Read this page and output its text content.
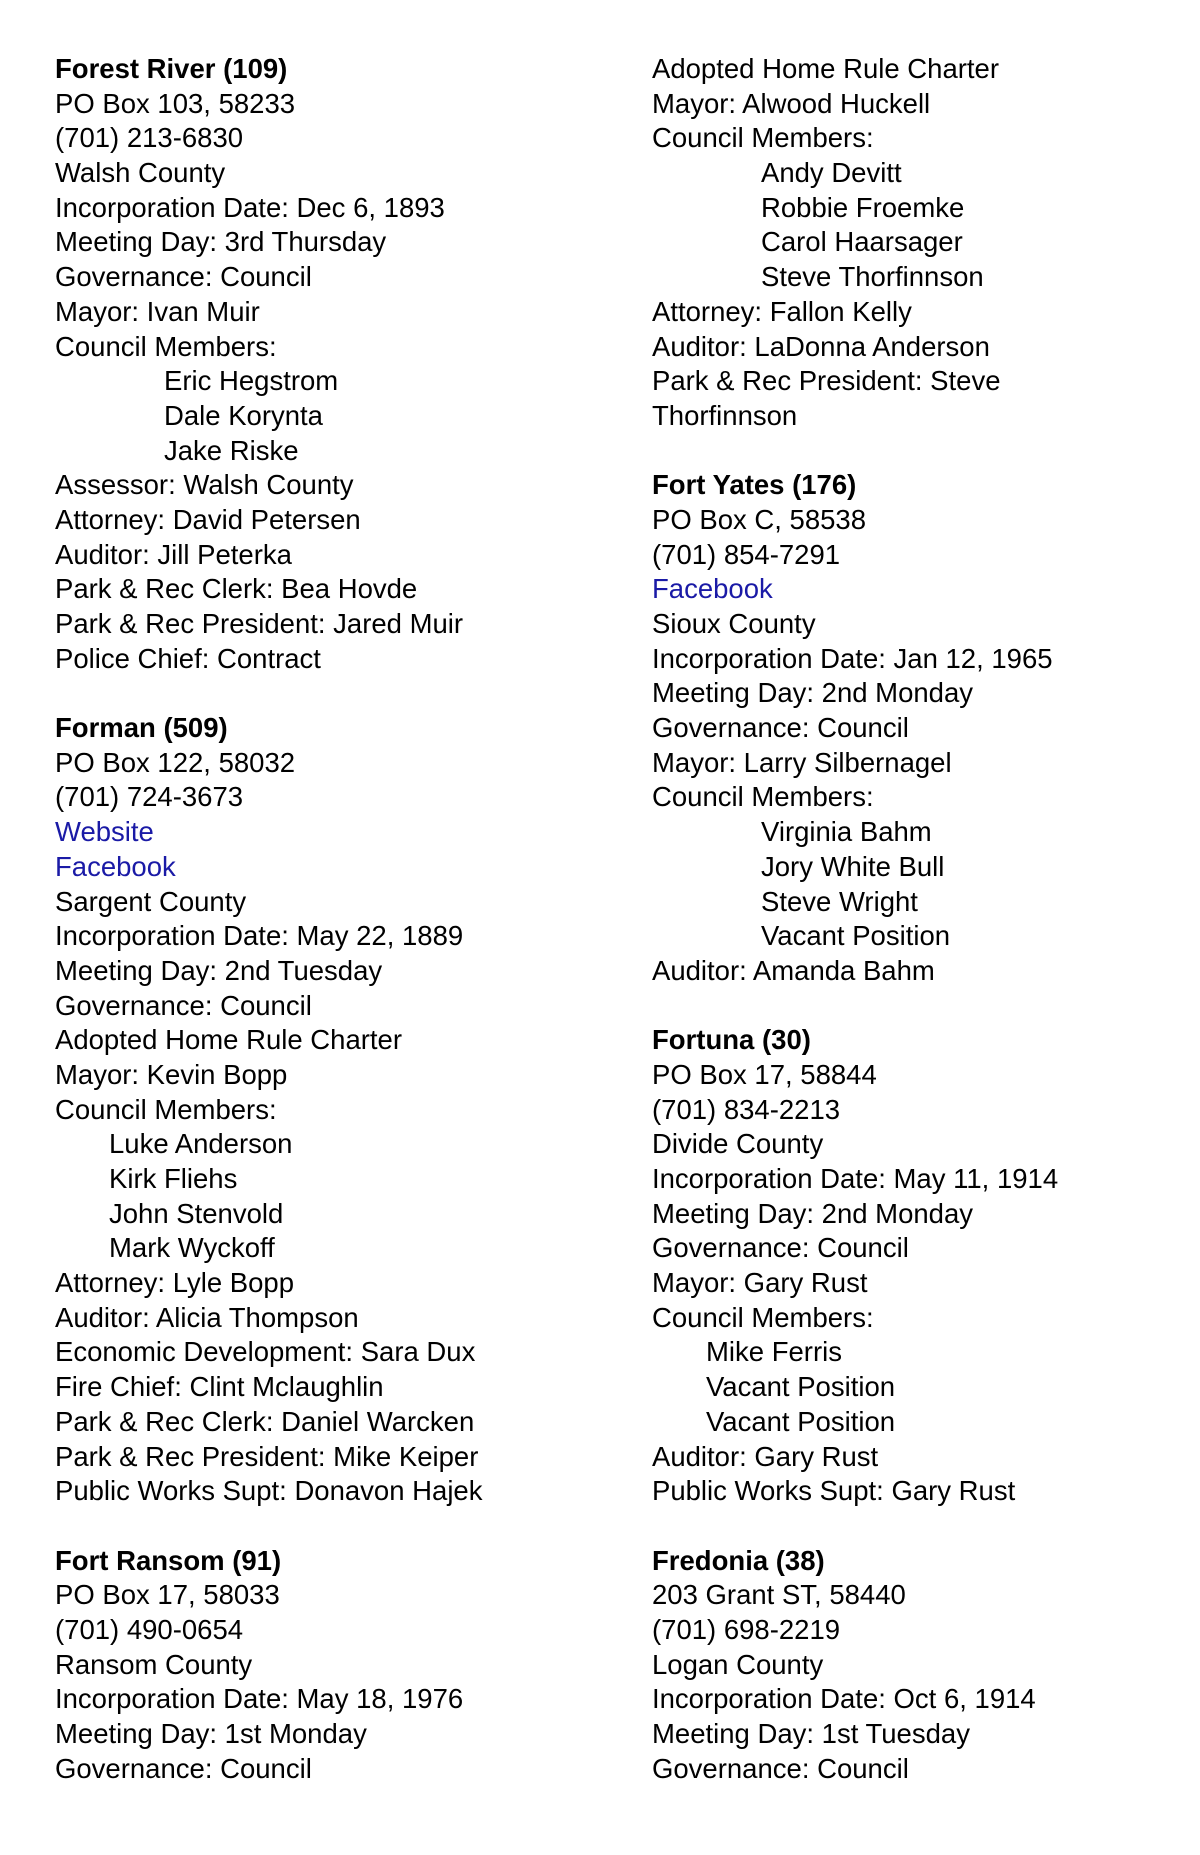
Forest River (109)
PO Box 103, 58233
(701) 213-6830
Walsh County
Incorporation Date: Dec 6, 1893
Meeting Day: 3rd Thursday
Governance: Council
Mayor: Ivan Muir
Council Members:
Eric Hegstrom
Dale Korynta
Jake Riske
Assessor: Walsh County
Attorney: David Petersen
Auditor: Jill Peterka
Park & Rec Clerk: Bea Hovde
Park & Rec President: Jared Muir
Police Chief: Contract
Forman (509)
PO Box 122, 58032
(701) 724-3673
Website
Facebook
Sargent County
Incorporation Date: May 22, 1889
Meeting Day: 2nd Tuesday
Governance: Council
Adopted Home Rule Charter
Mayor: Kevin Bopp
Council Members:
Luke Anderson
Kirk Fliehs
John Stenvold
Mark Wyckoff
Attorney: Lyle Bopp
Auditor: Alicia Thompson
Economic Development: Sara Dux
Fire Chief: Clint Mclaughlin
Park & Rec Clerk: Daniel Warcken
Park & Rec President: Mike Keiper
Public Works Supt: Donavon Hajek
Fort Ransom (91)
PO Box 17, 58033
(701) 490-0654
Ransom County
Incorporation Date: May 18, 1976
Meeting Day: 1st Monday
Governance: Council
Adopted Home Rule Charter
Mayor: Alwood Huckell
Council Members:
Andy Devitt
Robbie Froemke
Carol Haarsager
Steve Thorfinnson
Attorney: Fallon Kelly
Auditor: LaDonna Anderson
Park & Rec President: Steve
Thorfinnson
Fort Yates (176)
PO Box C, 58538
(701) 854-7291
Facebook
Sioux County
Incorporation Date: Jan 12, 1965
Meeting Day: 2nd Monday
Governance: Council
Mayor: Larry Silbernagel
Council Members:
Virginia Bahm
Jory White Bull
Steve Wright
Vacant Position
Auditor: Amanda Bahm
Fortuna (30)
PO Box 17, 58844
(701) 834-2213
Divide County
Incorporation Date: May 11, 1914
Meeting Day: 2nd Monday
Governance: Council
Mayor: Gary Rust
Council Members:
Mike Ferris
Vacant Position
Vacant Position
Auditor: Gary Rust
Public Works Supt: Gary Rust
Fredonia (38)
203 Grant ST, 58440
(701) 698-2219
Logan County
Incorporation Date: Oct 6, 1914
Meeting Day: 1st Tuesday
Governance: Council
